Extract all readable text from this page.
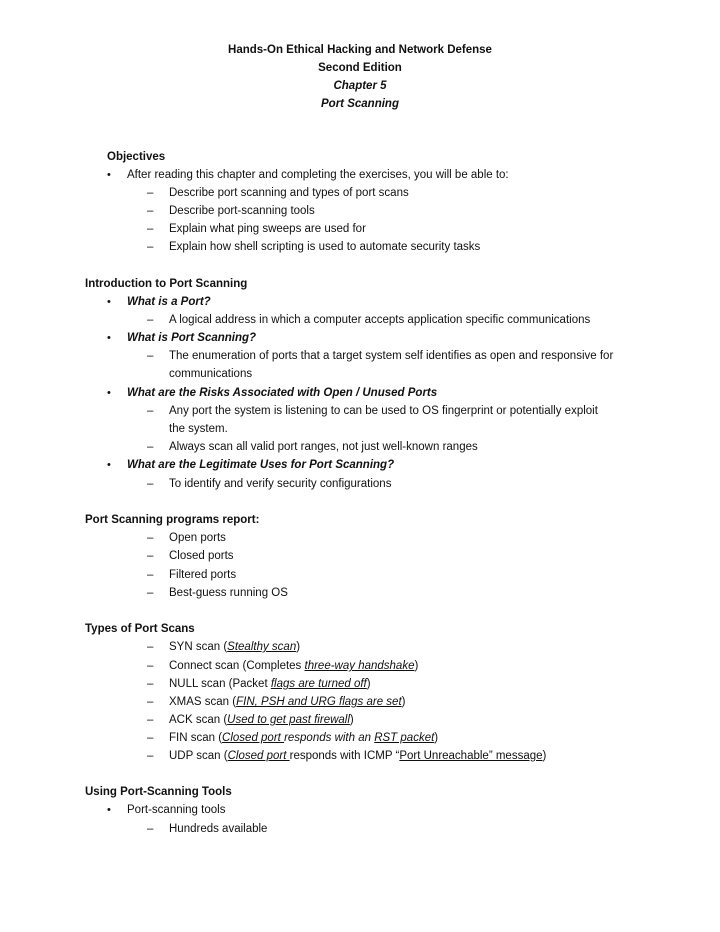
Hands-On Ethical Hacking and Network Defense
Second Edition
Chapter 5
Port Scanning
Objectives
• After reading this chapter and completing the exercises, you will be able to:
– Describe port scanning and types of port scans
– Describe port-scanning tools
– Explain what ping sweeps are used for
– Explain how shell scripting is used to automate security tasks
Introduction to Port Scanning
• What is a Port?
– A logical address in which a computer accepts application specific communications
• What is Port Scanning?
– The enumeration of ports that a target system self identifies as open and responsive for
communications
• What are the Risks Associated with Open / Unused Ports
– Any port the system is listening to can be used to OS fingerprint or potentially exploit
the system.
– Always scan all valid port ranges, not just well-known ranges
• What are the Legitimate Uses for Port Scanning?
– To identify and verify security configurations
Port Scanning programs report:
– Open ports
– Closed ports
– Filtered ports
– Best-guess running OS
Types of Port Scans
– SYN scan (Stealthy scan)
– Connect scan (Completes three-way handshake)
– NULL scan (Packet flags are turned off)
– XMAS scan (FIN, PSH and URG flags are set)
– ACK scan (Used to get past firewall)
– FIN scan (Closed port responds with an RST packet)
– UDP scan (Closed port responds with ICMP “Port Unreachable” message)
Using Port-Scanning Tools
• Port-scanning tools
– Hundreds available
